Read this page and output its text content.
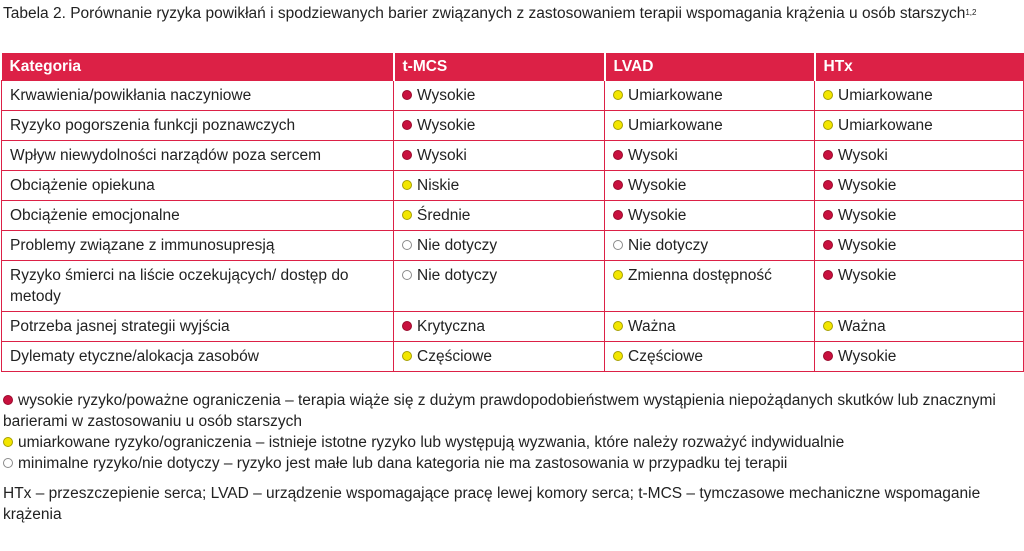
Tabela 2. Porównanie ryzyka powikłań i spodziewanych barier związanych z zastosowaniem terapii wspomagania krążenia u osób starszych$^{1,2}$
Kategoria	t-MCS	LVAD	HTx
Krwawienia/powikłania naczyniowe	Wysokie	Umiarkowane	Umiarkowane
Ryzyko pogorszenia funkcji poznawczych	Wysokie	Umiarkowane	Umiarkowane
Wpływ niewydolności narządów poza sercem	Wysoki	Wysoki	Wysoki
Obciążenie opiekuna	Niskie	Wysokie	Wysokie
Obciążenie emocjonalne	Średnie	Wysokie	Wysokie
Problemy związane z immunosupresją	Nie dotyczy	Nie dotyczy	Wysokie
Ryzyko śmierci na liście oczekujących/ dostęp do metody	Nie dotyczy	Zmienna dostępność	Wysokie
Potrzeba jasnej strategii wyjścia	Krytyczna	Ważna	Ważna
Dylematy etyczne/alokacja zasobów	Częściowe	Częściowe	Wysokie
wysokie ryzyko/poważne ograniczenia – terapia wiąże się z dużym prawdopodobieństwem wystąpienia niepożądanych skutków lub znacznymi barierami w zastosowaniu u osób starszych
umiarkowane ryzyko/ograniczenia – istnieje istotne ryzyko lub występują wyzwania, które należy rozważyć indywidualnie
minimalne ryzyko/nie dotyczy – ryzyko jest małe lub dana kategoria nie ma zastosowania w przypadku tej terapii
HTx – przeszczepienie serca; LVAD – urządzenie wspomagające pracę lewej komory serca; t-MCS – tymczasowe mechaniczne wspomaganie krążenia
